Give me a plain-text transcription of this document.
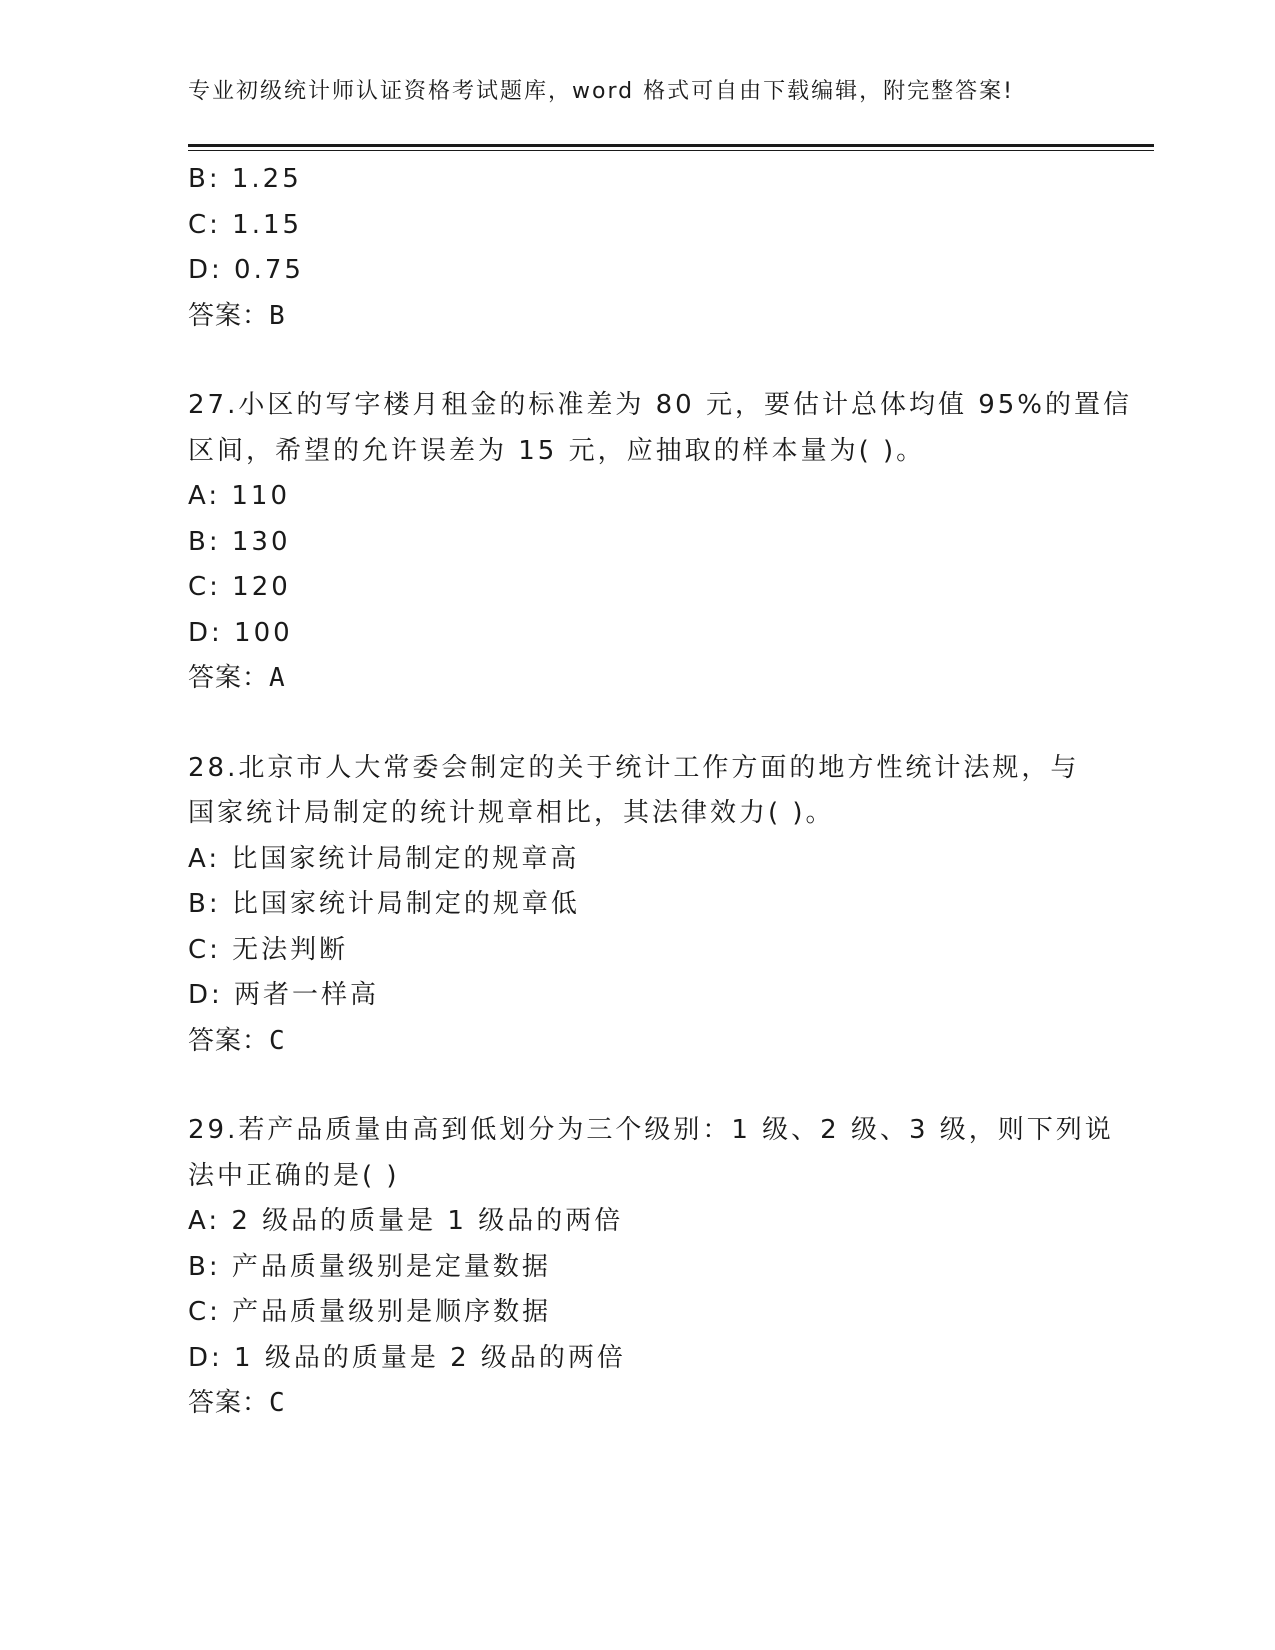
专业初级统计师认证资格考试题库，word 格式可自由下载编辑，附完整答案!
B: 1.25
C: 1.15
D: 0.75
答案：B
27.小区的写字楼月租金的标准差为 80 元，要估计总体均值 95%的置信
区间，希望的允许误差为 15 元，应抽取的样本量为( )。
A: 110
B: 130
C: 120
D: 100
答案：A
28.北京市人大常委会制定的关于统计工作方面的地方性统计法规，与
国家统计局制定的统计规章相比，其法律效力( )。
A: 比国家统计局制定的规章高
B: 比国家统计局制定的规章低
C: 无法判断
D: 两者一样高
答案：C
29.若产品质量由高到低划分为三个级别：1 级、2 级、3 级，则下列说
法中正确的是( )
A: 2 级品的质量是 1 级品的两倍
B: 产品质量级别是定量数据
C: 产品质量级别是顺序数据
D: 1 级品的质量是 2 级品的两倍
答案：C
